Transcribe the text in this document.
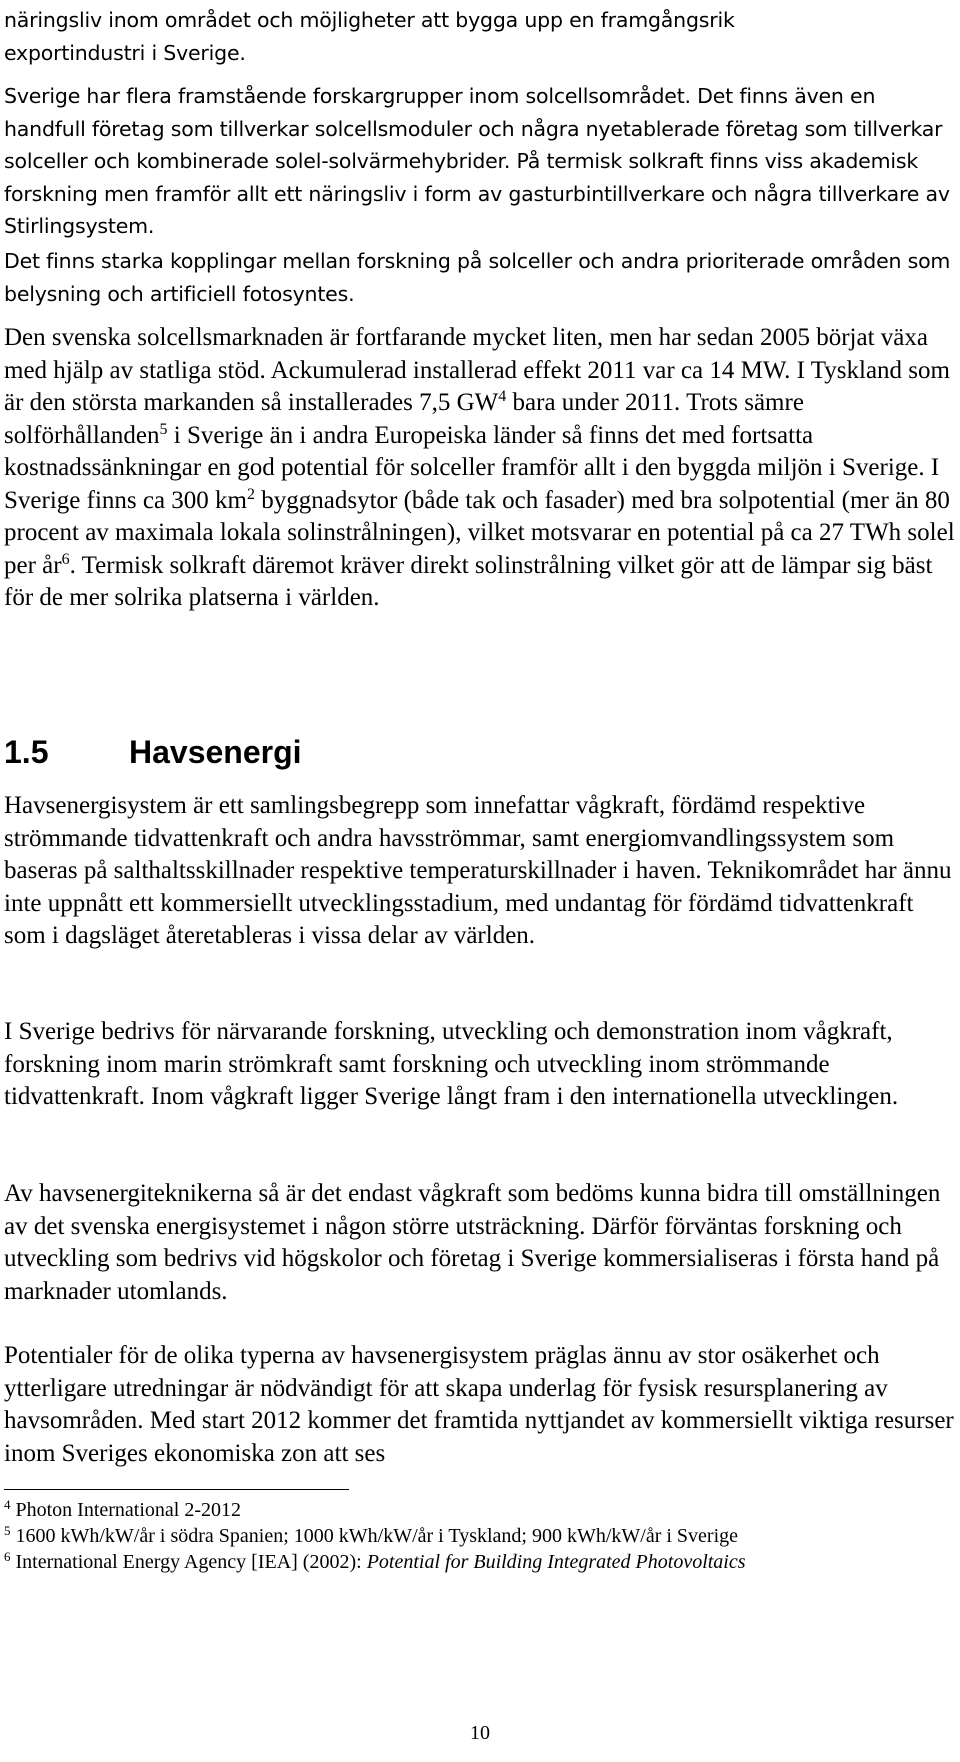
näringsliv inom området och möjligheter att bygga upp en framgångsrik
exportindustri i Sverige.

Sverige har flera framstående forskargrupper inom solcellsområdet. Det finns även en handfull företag som tillverkar solcellsmoduler och några nyetablerade företag som tillverkar solceller och kombinerade solel-solvärmehybrider. På termisk solkraft finns viss akademisk forskning men framför allt ett näringsliv i form av gasturbintillverkare och några tillverkare av Stirlingsystem.

Det finns starka kopplingar mellan forskning på solceller och andra prioriterade områden som belysning och artificiell fotosyntes.

Den svenska solcellsmarknaden är fortfarande mycket liten, men har sedan 2005 börjat växa med hjälp av statliga stöd. Ackumulerad installerad effekt 2011 var ca 14 MW. I Tyskland som är den största markanden så installerades 7,5 $GW^4$ bara under 2011. Trots sämre solförhållanden$^5$ i Sverige än i andra Europeiska länder så finns det med fortsatta kostnadssänkningar en god potential för solceller framför allt i den byggda miljön i Sverige. I Sverige finns ca 300 $km^2$ byggnadsytor (både tak och fasader) med bra solpotential (mer än 80 procent av maximala lokala solinstrålningen), vilket motsvarar en potential på ca 27 TWh solel per $år^6$. Termisk solkraft däremot kräver direkt solinstrålning vilket gör att de lämpar sig bäst för de mer solrika platserna i världen.

1.5	Havsenergi

Havsenergisystem är ett samlingsbegrepp som innefattar vågkraft, fördämd respektive strömmande tidvattenkraft och andra havsströmmar, samt energiomvandlingssystem som baseras på salthaltsskillnader respektive temperaturskillnader i haven. Teknikområdet har ännu inte uppnått ett kommersiellt utvecklingsstadium, med undantag för fördämd tidvattenkraft som i dagsläget återetableras i vissa delar av världen.

I Sverige bedrivs för närvarande forskning, utveckling och demonstration inom vågkraft, forskning inom marin strömkraft samt forskning och utveckling inom strömmande tidvattenkraft. Inom vågkraft ligger Sverige långt fram i den internationella utvecklingen.

Av havsenergiteknikerna så är det endast vågkraft som bedöms kunna bidra till omställningen av det svenska energisystemet i någon större utsträckning. Därför förväntas forskning och utveckling som bedrivs vid högskolor och företag i Sverige kommersialiseras i första hand på marknader utomlands.

Potentialer för de olika typerna av havsenergisystem präglas ännu av stor osäkerhet och ytterligare utredningar är nödvändigt för att skapa underlag för fysisk resursplanering av havsområden. Med start 2012 kommer det framtida nyttjandet av kommersiellt viktiga resurser inom Sveriges ekonomiska zon att ses

$^4$ Photon International 2-2012

$^5$ 1600 kWh/kW/år i södra Spanien; 1000 kWh/kW/år i Tyskland; 900 kWh/kW/år i Sverige

$^6$ International Energy Agency [IEA] (2002): Potential for Building Integrated Photovoltaics

10
